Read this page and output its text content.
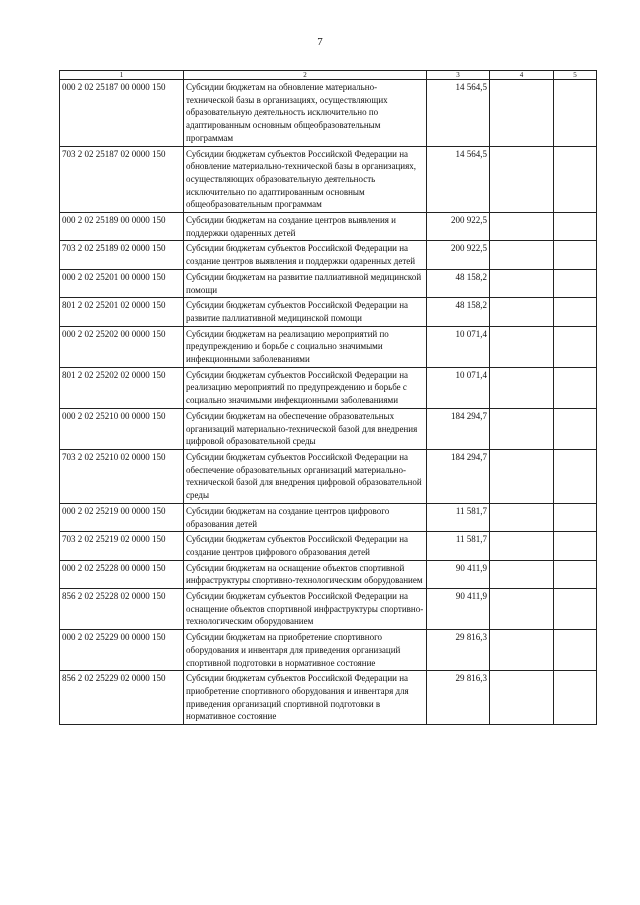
7
1	2	3	4	5
000 2 02 25187 00 0000 150	Субсидии бюджетам на обновление материально-технической базы в организациях, осуществляющих образовательную деятельность исключительно по адаптированным основным общеобразовательным программам	14 564,5		
703 2 02 25187 02 0000 150	Субсидии бюджетам субъектов Российской Федерации на обновление материально-технической базы в организациях, осуществляющих образовательную деятельность исключительно по адаптированным основным общеобразовательным программам	14 564,5		
000 2 02 25189 00 0000 150	Субсидии бюджетам на создание центров выявления и поддержки одаренных детей	200 922,5		
703 2 02 25189 02 0000 150	Субсидии бюджетам субъектов Российской Федерации на создание центров выявления и поддержки одаренных детей	200 922,5		
000 2 02 25201 00 0000 150	Субсидии бюджетам на развитие паллиативной медицинской помощи	48 158,2		
801 2 02 25201 02 0000 150	Субсидии бюджетам субъектов Российской Федерации на развитие паллиативной медицинской помощи	48 158,2		
000 2 02 25202 00 0000 150	Субсидии бюджетам на реализацию мероприятий по предупреждению и борьбе с социально значимыми инфекционными заболеваниями	10 071,4		
801 2 02 25202 02 0000 150	Субсидии бюджетам субъектов Российской Федерации на реализацию мероприятий по предупреждению и борьбе с социально значимыми инфекционными заболеваниями	10 071,4		
000 2 02 25210 00 0000 150	Субсидии бюджетам на обеспечение образовательных организаций материально-технической базой для внедрения цифровой образовательной среды	184 294,7		
703 2 02 25210 02 0000 150	Субсидии бюджетам субъектов Российской Федерации на обеспечение образовательных организаций материально-технической базой для внедрения цифровой образовательной среды	184 294,7		
000 2 02 25219 00 0000 150	Субсидии бюджетам на создание центров цифрового образования детей	11 581,7		
703 2 02 25219 02 0000 150	Субсидии бюджетам субъектов Российской Федерации на создание центров цифрового образования детей	11 581,7		
000 2 02 25228 00 0000 150	Субсидии бюджетам на оснащение объектов спортивной инфраструктуры спортивно-технологическим оборудованием	90 411,9		
856 2 02 25228 02 0000 150	Субсидии бюджетам субъектов Российской Федерации на оснащение объектов спортивной инфраструктуры спортивно-технологическим оборудованием	90 411,9		
000 2 02 25229 00 0000 150	Субсидии бюджетам на приобретение спортивного оборудования и инвентаря для приведения организаций спортивной подготовки в нормативное состояние	29 816,3		
856 2 02 25229 02 0000 150	Субсидии бюджетам субъектов Российской Федерации на приобретение спортивного оборудования и инвентаря для приведения организаций спортивной подготовки в нормативное состояние	29 816,3		
